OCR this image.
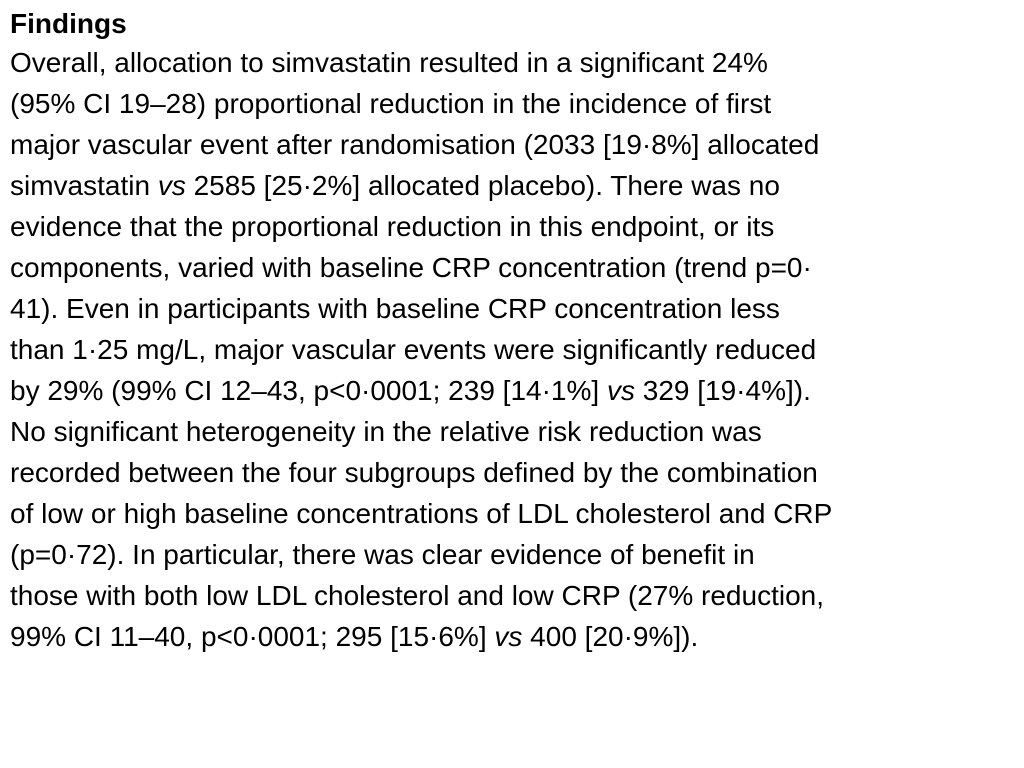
Findings
Overall, allocation to simvastatin resulted in a significant 24%
(95% CI 19–28) proportional reduction in the incidence of first
major vascular event after randomisation (2033 [19·8%] allocated
simvastatin vs 2585 [25·2%] allocated placebo). There was no
evidence that the proportional reduction in this endpoint, or its
components, varied with baseline CRP concentration (trend p=0·
41). Even in participants with baseline CRP concentration less
than 1·25 mg/L, major vascular events were significantly reduced
by 29% (99% CI 12–43, p<0·0001; 239 [14·1%] vs 329 [19·4%]).
No significant heterogeneity in the relative risk reduction was
recorded between the four subgroups defined by the combination
of low or high baseline concentrations of LDL cholesterol and CRP
(p=0·72). In particular, there was clear evidence of benefit in
those with both low LDL cholesterol and low CRP (27% reduction,
99% CI 11–40, p<0·0001; 295 [15·6%] vs 400 [20·9%]).
